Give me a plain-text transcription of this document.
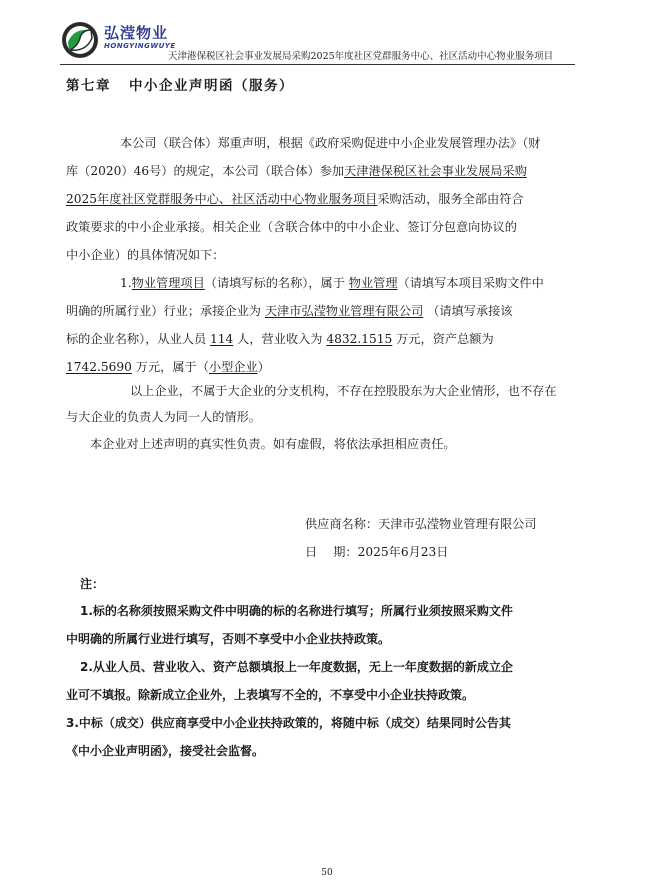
弘滢物业
HONGYINGWUYE
天津港保税区社会事业发展局采购2025年度社区党群服务中心、社区活动中心物业服务项目
第七章 中小企业声明函（服务）
本公司（联合体）郑重声明，根据《政府采购促进中小企业发展管理办法》（财
库（2020）46号）的规定，本公司（联合体）参加天津港保税区社会事业发展局采购
2025年度社区党群服务中心、社区活动中心物业服务项目采购活动，服务全部由符合
政策要求的中小企业承接。相关企业（含联合体中的中小企业、签订分包意向协议的
中小企业）的具体情况如下：
1.物业管理项目（请填写标的名称），属于 物业管理（请填写本项目采购文件中
明确的所属行业）行业；承接企业为 天津市弘滢物业管理有限公司 （请填写承接该
标的企业名称），从业人员 114 人，营业收入为 4832.1515 万元，资产总额为
1742.5690 万元，属于（小型企业）
以上企业，不属于大企业的分支机构，不存在控股股东为大企业情形，也不存在
与大企业的负责人为同一人的情形。
本企业对上述声明的真实性负责。如有虚假，将依法承担相应责任。
供应商名称：天津市弘滢物业管理有限公司
日　 期：2025年6月23日
注：
1.标的名称须按照采购文件中明确的标的名称进行填写；所属行业须按照采购文件
中明确的所属行业进行填写，否则不享受中小企业扶持政策。
2.从业人员、营业收入、资产总额填报上一年度数据，无上一年度数据的新成立企
业可不填报。除新成立企业外，上表填写不全的，不享受中小企业扶持政策。
3.中标（成交）供应商享受中小企业扶持政策的，将随中标（成交）结果同时公告其
《中小企业声明函》，接受社会监督。
50
